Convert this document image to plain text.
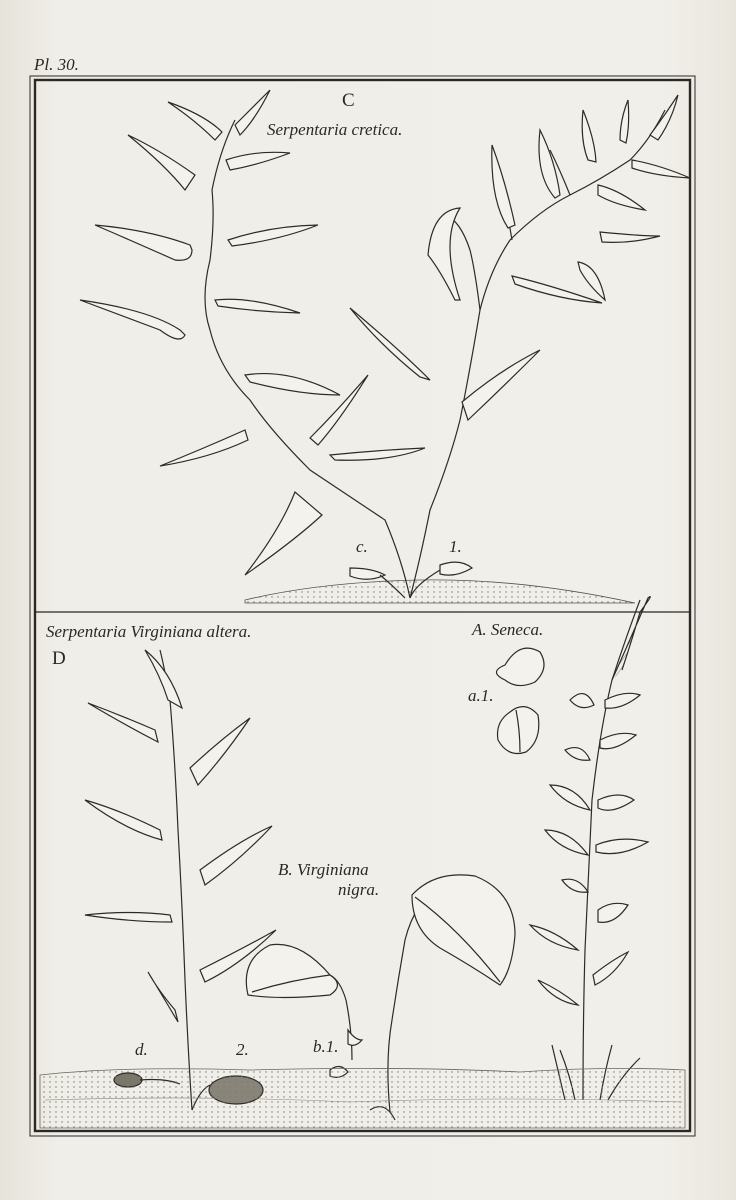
Pl. 30.
C
Serpentaria cretica.
c.	1.
Serpentaria Virginiana altera.
D
d.	2.
A. Seneca.
a.1.
B. Virginiana
nigra.
b.1.
